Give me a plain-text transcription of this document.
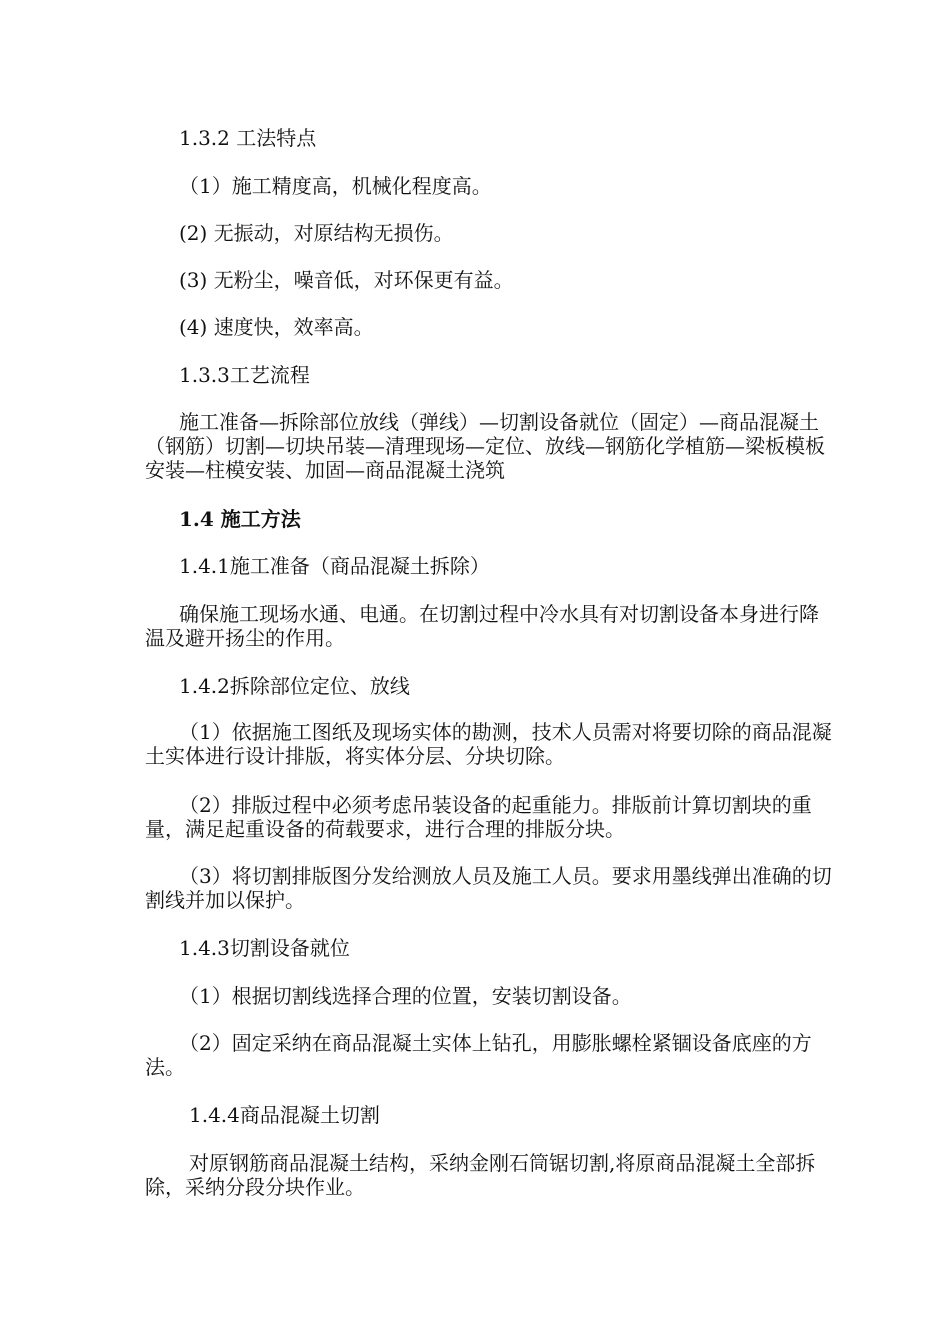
1.3.2 工法特点

（1）施工精度高，机械化程度高。

(2) 无振动，对原结构无损伤。

(3) 无粉尘，噪音低，对环保更有益。

(4) 速度快，效率高。

1.3.3工艺流程

施工准备—拆除部位放线（弹线）—切割设备就位（固定）—商品混凝土（钢筋）切割—切块吊装—清理现场—定位、放线—钢筋化学植筋—梁板模板安装—柱模安装、加固—商品混凝土浇筑

1.4 施工方法

1.4.1施工准备（商品混凝土拆除）

确保施工现场水通、电通。在切割过程中冷水具有对切割设备本身进行降温及避开扬尘的作用。

1.4.2拆除部位定位、放线

（1）依据施工图纸及现场实体的勘测，技术人员需对将要切除的商品混凝土实体进行设计排版，将实体分层、分块切除。

（2）排版过程中必须考虑吊装设备的起重能力。排版前计算切割块的重量，满足起重设备的荷载要求，进行合理的排版分块。

（3）将切割排版图分发给测放人员及施工人员。要求用墨线弹出准确的切割线并加以保护。

1.4.3切割设备就位

（1）根据切割线选择合理的位置，安装切割设备。

（2）固定采纳在商品混凝土实体上钻孔，用膨胀螺栓紧锢设备底座的方法。

1.4.4商品混凝土切割

对原钢筋商品混凝土结构，采纳金刚石筒锯切割,将原商品混凝土全部拆除，采纳分段分块作业。
